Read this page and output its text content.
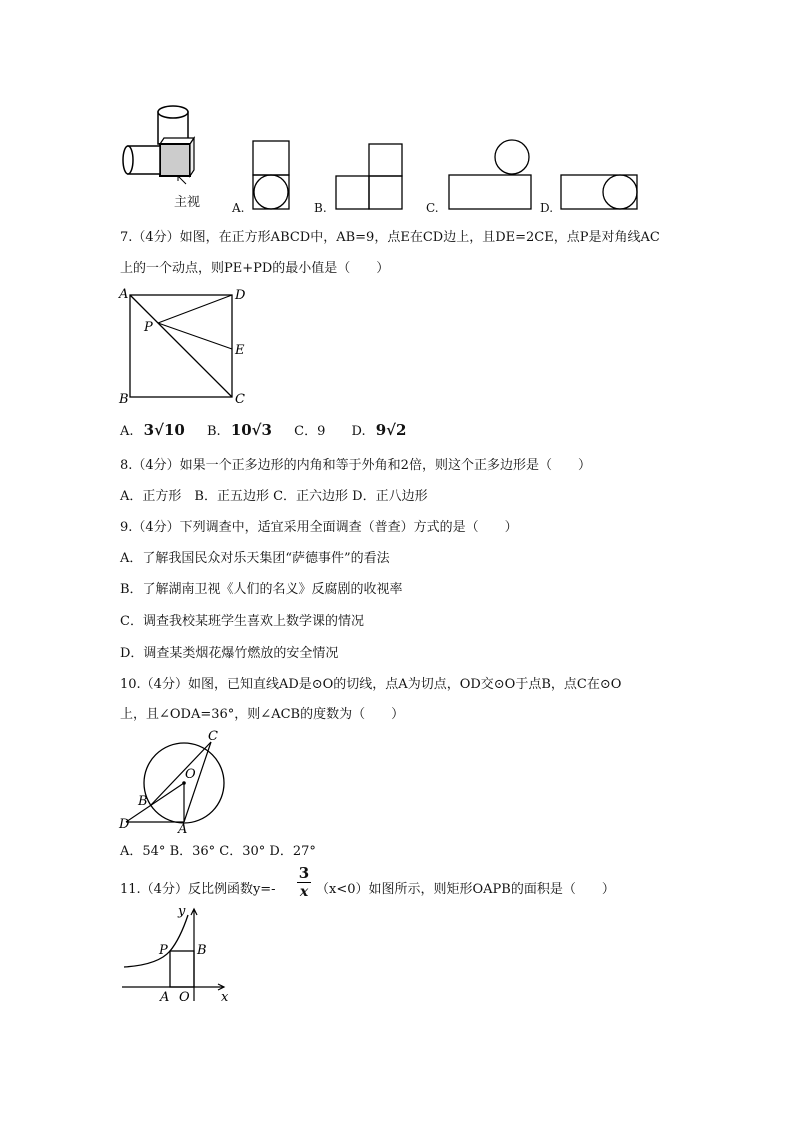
主视	A.	B.	C.	D.
7.（4分）如图，在正方形ABCD中，AB=9，点E在CD边上，且DE=2CE，点P是对角线AC
上的一个动点，则PE+PD的最小值是（　　）
A	D
P
E
B	C
A. 3√10 B. 10√3 C．9 D. 9√2
8.（4分）如果一个正多边形的内角和等于外角和2倍，则这个正多边形是（　　）
A．正方形　B．正五边形 C．正六边形 D．正八边形
9.（4分）下列调查中，适宜采用全面调查（普查）方式的是（　　）
A．了解我国民众对乐天集团“萨德事件”的看法
B．了解湖南卫视《人们的名义》反腐剧的收视率
C．调查我校某班学生喜欢上数学课的情况
D．调查某类烟花爆竹燃放的安全情况
10.（4分）如图，已知直线AD是⊙O的切线，点A为切点，OD交⊙O于点B，点C在⊙O
上，且∠ODA=36°，则∠ACB的度数为（　　）
C
O
B
D	A
A．54° B．36° C．30° D．27°
11.（4分）反比例函数y=-
3
x （x<0）如图所示，则矩形OAPB的面积是（　　）
y
P B
A O x
